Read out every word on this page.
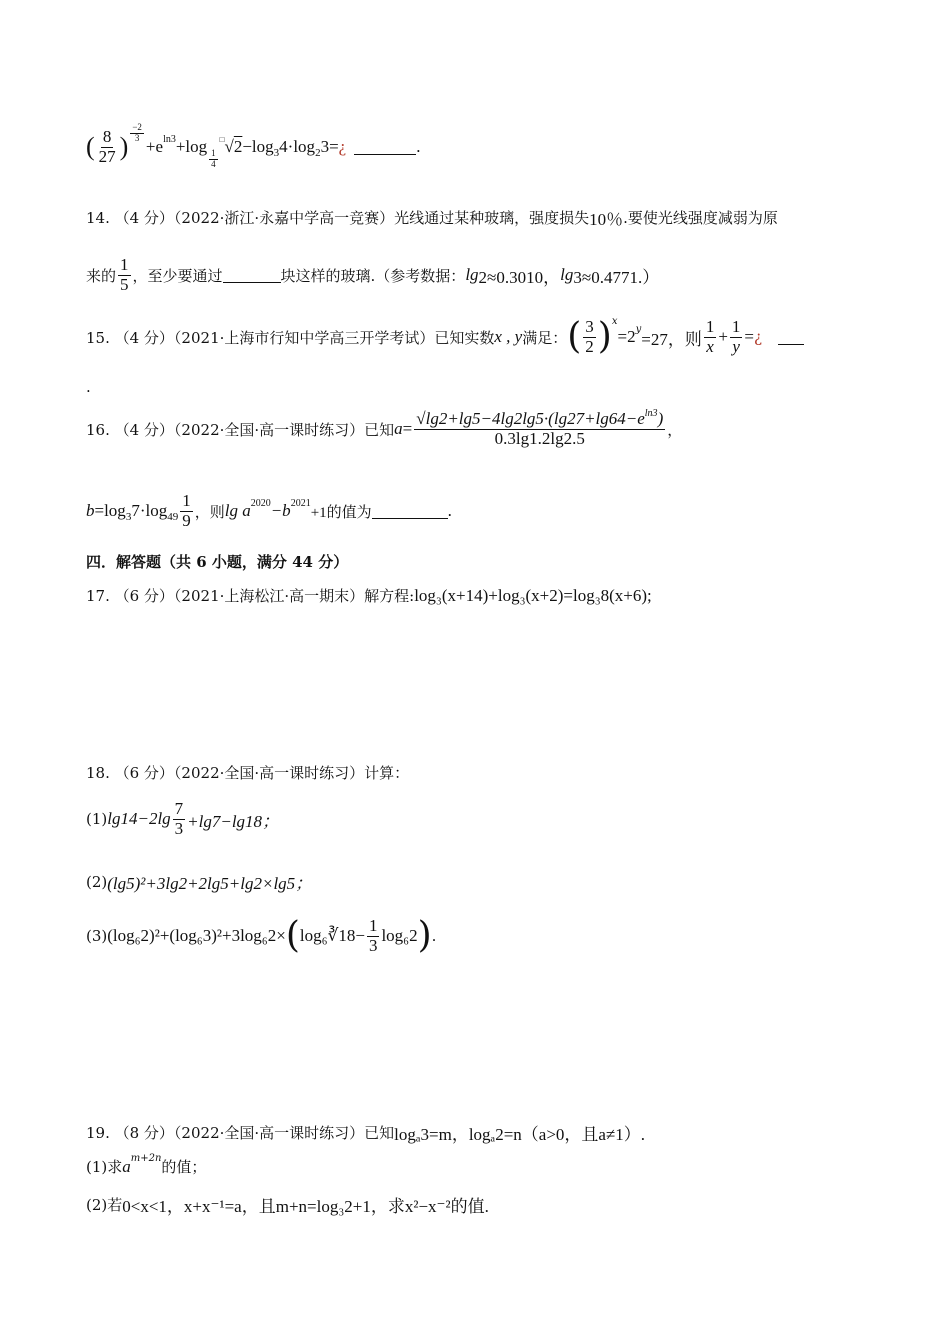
( $\frac{8}{27}$ ) $\frac{-2}{3}$
+e ln3 +log
$\frac{1}{4}$
□ √ 2 −log 3 4· log 2 3= ¿	.
14. （4 分）（2022·浙江·永嘉中学高一竞赛）光线通过某种玻璃，强度损失 10％ .要使光线强度减弱为原
来的 $\frac{1}{5}$ ，至少要通过	块这样的玻璃.（参考数据： lg 2≈0.3010， lg 3≈0.4771.）
15. （4 分）（2021·上海市行知中学高三开学考试）已知实数 x , y 满足： ( $\frac{3}{2}$ ) x
=2 y
=27，则 $\frac{1}{x} + \frac{1}{y}$ = ¿
.
16. （4 分）（2022·全国·高一课时练习）已知 $a = \frac{√\lg 2+\lg 5-4\lg 2\lg 5\cdot(\lg 27+\lg 64-e^{ln3})}{0.3\lg 1.2\lg 2.5}$ ，
b =log 3 7·log $49 \frac{1}{9}$ ，则 lg a 2020 −b 2021
+1的值为	.
四．解答题（共 6 小题，满分 44 分）
17. （6 分）（2021·上海松江·高一期末）解方程: log₃(x+14)+log₃(x+2)=log₃8(x+6);
18. （6 分）（2022·全国·高一课时练习）计算：
(1) $\lg 14-2\lg \frac{7}{3} +\lg 7-\lg 18$；
(2) (lg5)²+3lg2+2lg5+lg2×lg5；
(3) (log₆2)²+(log₆3)²+3log₆2× ( log₆∛18− $\frac{1}{3} \log_62$ ) .
19. （8 分）（2022·全国·高一课时练习）已知 logₐ3=m，logₐ2=n（a>0，且a≠1）.
(1)求 a m+2n 的值；
(2)若 0<x<1，x+x⁻¹=a，且m+n=log₃2+1，求x²−x⁻²的值.
